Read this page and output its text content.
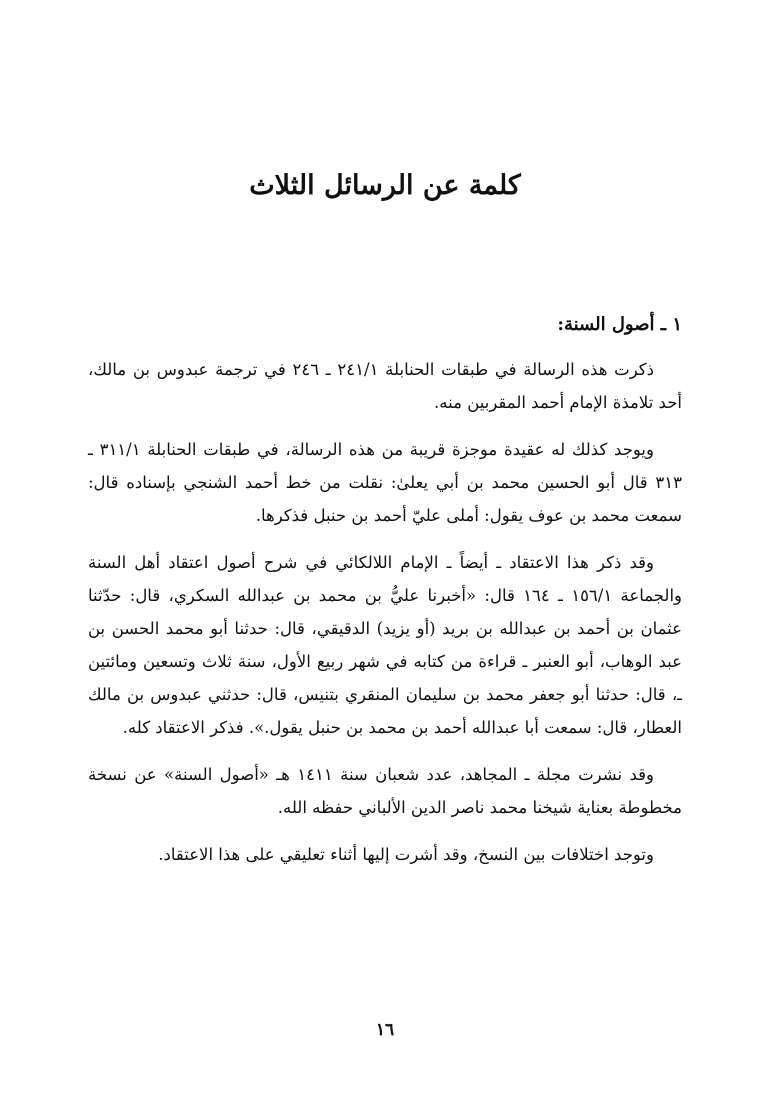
كلمة عن الرسائل الثلاث
١ ـ أصول السنة:

ذكرت هذه الرسالة في طبقات الحنابلة ٢٤١/١ ـ ٢٤٦ في ترجمة عبدوس بن مالك، أحد تلامذة الإمام أحمد المقربين منه.

ويوجد كذلك له عقيدة موجزة قريبة من هذه الرسالة، في طبقات الحنابلة ٣١١/١ ـ ٣١٣ قال أبو الحسين محمد بن أبي يعلىٰ: نقلت من خط أحمد الشنجي بإسناده قال: سمعت محمد بن عوف يقول: أملى عليّ أحمد بن حنبل فذكرها.

وقد ذكر هذا الاعتقاد ـ أيضاً ـ الإمام اللالكائي في شرح أصول اعتقاد أهل السنة والجماعة ١٥٦/١ ـ ١٦٤ قال: «أخبرنا عليُّ بن محمد بن عبدالله السكري، قال: حدّثنا عثمان بن أحمد بن عبدالله بن بريد (أو يزيد) الدقيقي، قال: حدثنا أبو محمد الحسن بن عبد الوهاب، أبو العنبر ـ قراءة من كتابه في شهر ربيع الأول، سنة ثلاث وتسعين ومائتين ـ، قال: حدثنا أبو جعفر محمد بن سليمان المنقري بتنيس، قال: حدثني عبدوس بن مالك العطار، قال: سمعت أبا عبدالله أحمد بن محمد بن حنبل يقول.». فذكر الاعتقاد كله.

وقد نشرت مجلة ـ المجاهد، عدد شعبان سنة ١٤١١ هـ «أصول السنة» عن نسخة مخطوطة بعناية شيخنا محمد ناصر الدين الألباني حفظه الله.

وتوجد اختلافات بين النسخ، وقد أشرت إليها أثناء تعليقي على هذا الاعتقاد.

١٦
